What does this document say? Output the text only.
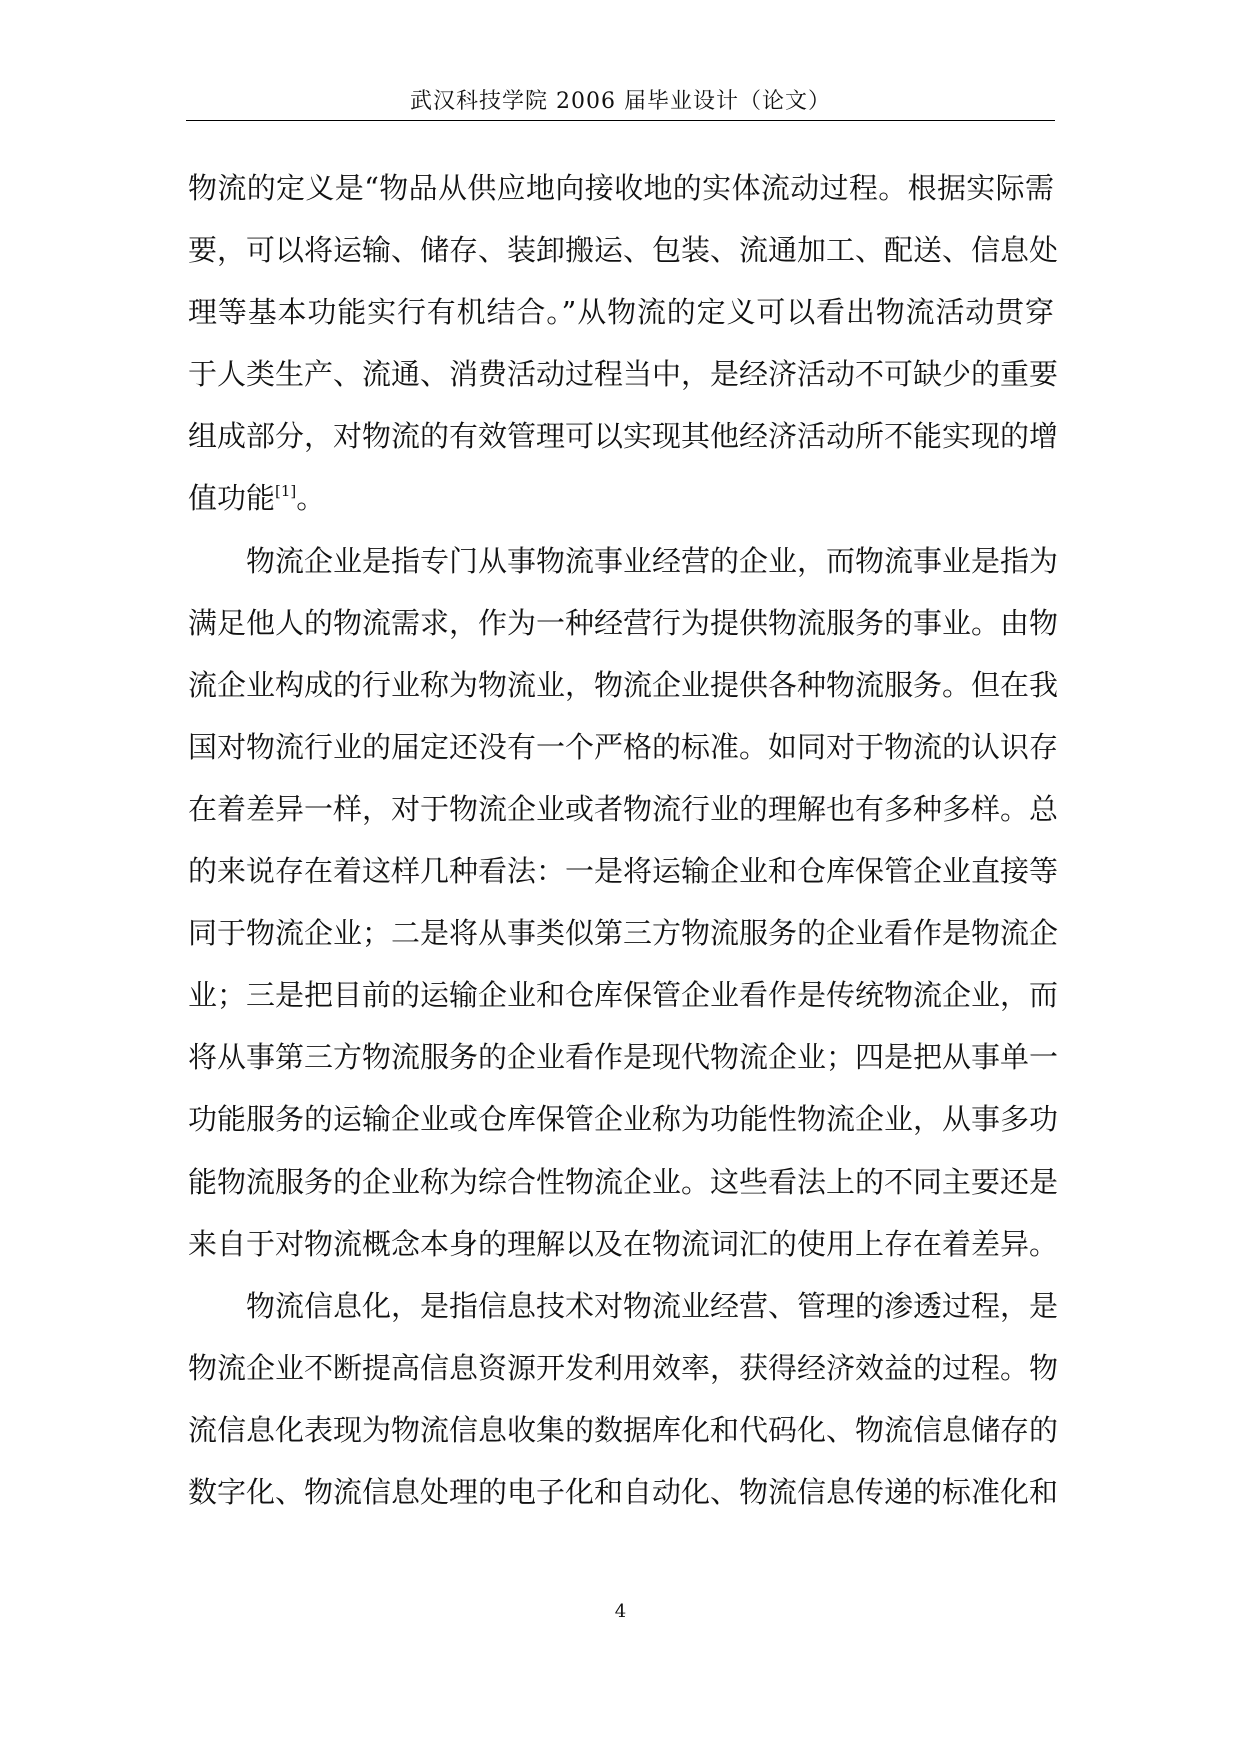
武汉科技学院 2006 届毕业设计（论文）
物流的定义是“物品从供应地向接收地的实体流动过程。根据实际需
要，可以将运输、储存、装卸搬运、包装、流通加工、配送、信息处
理等基本功能实行有机结合。”从物流的定义可以看出物流活动贯穿
于人类生产、流通、消费活动过程当中，是经济活动不可缺少的重要
组成部分，对物流的有效管理可以实现其他经济活动所不能实现的增
值功能[1]。
物流企业是指专门从事物流事业经营的企业，而物流事业是指为
满足他人的物流需求，作为一种经营行为提供物流服务的事业。由物
流企业构成的行业称为物流业，物流企业提供各种物流服务。但在我
国对物流行业的届定还没有一个严格的标准。如同对于物流的认识存
在着差异一样，对于物流企业或者物流行业的理解也有多种多样。总
的来说存在着这样几种看法：一是将运输企业和仓库保管企业直接等
同于物流企业；二是将从事类似第三方物流服务的企业看作是物流企
业；三是把目前的运输企业和仓库保管企业看作是传统物流企业，而
将从事第三方物流服务的企业看作是现代物流企业；四是把从事单一
功能服务的运输企业或仓库保管企业称为功能性物流企业，从事多功
能物流服务的企业称为综合性物流企业。这些看法上的不同主要还是
来自于对物流概念本身的理解以及在物流词汇的使用上存在着差异。
物流信息化，是指信息技术对物流业经营、管理的渗透过程，是
物流企业不断提高信息资源开发利用效率，获得经济效益的过程。物
流信息化表现为物流信息收集的数据库化和代码化、物流信息储存的
数字化、物流信息处理的电子化和自动化、物流信息传递的标准化和
4
